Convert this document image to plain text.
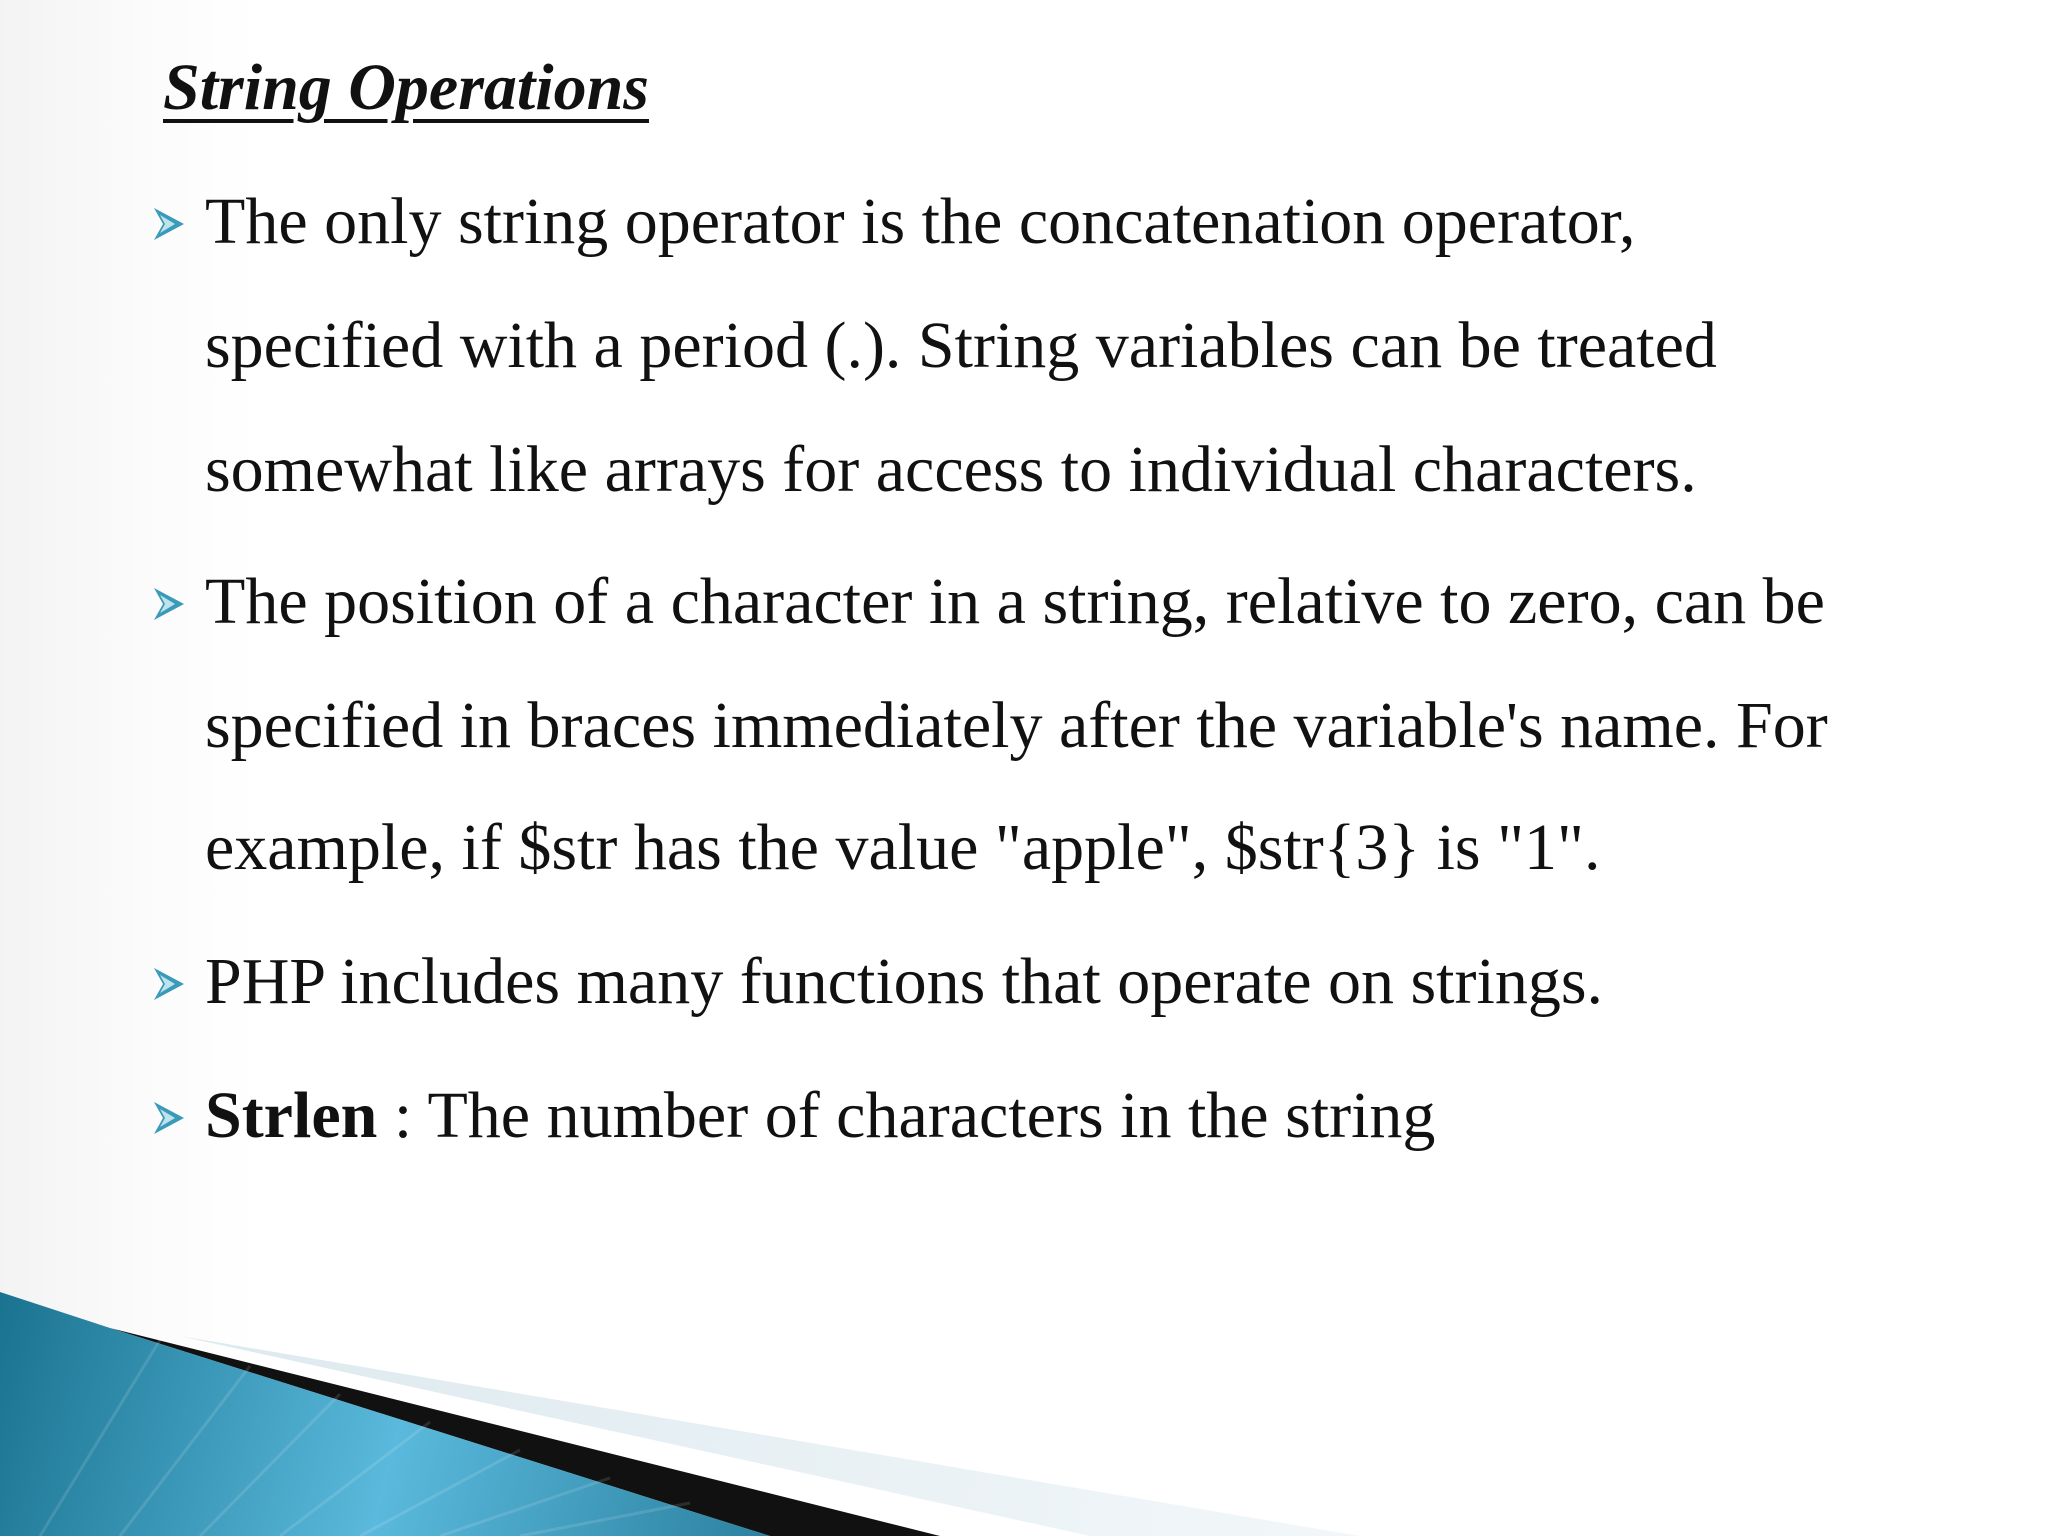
String Operations
The only string operator is the concatenation operator,
specified with a period (.). String variables can be treated
somewhat like arrays for access to individual characters.
The position of a character in a string, relative to zero, can be
specified in braces immediately after the variable's name. For
example, if $str has the value "apple", $str{3} is "1".
PHP includes many functions that operate on strings.
Strlen : The number of characters in the string
